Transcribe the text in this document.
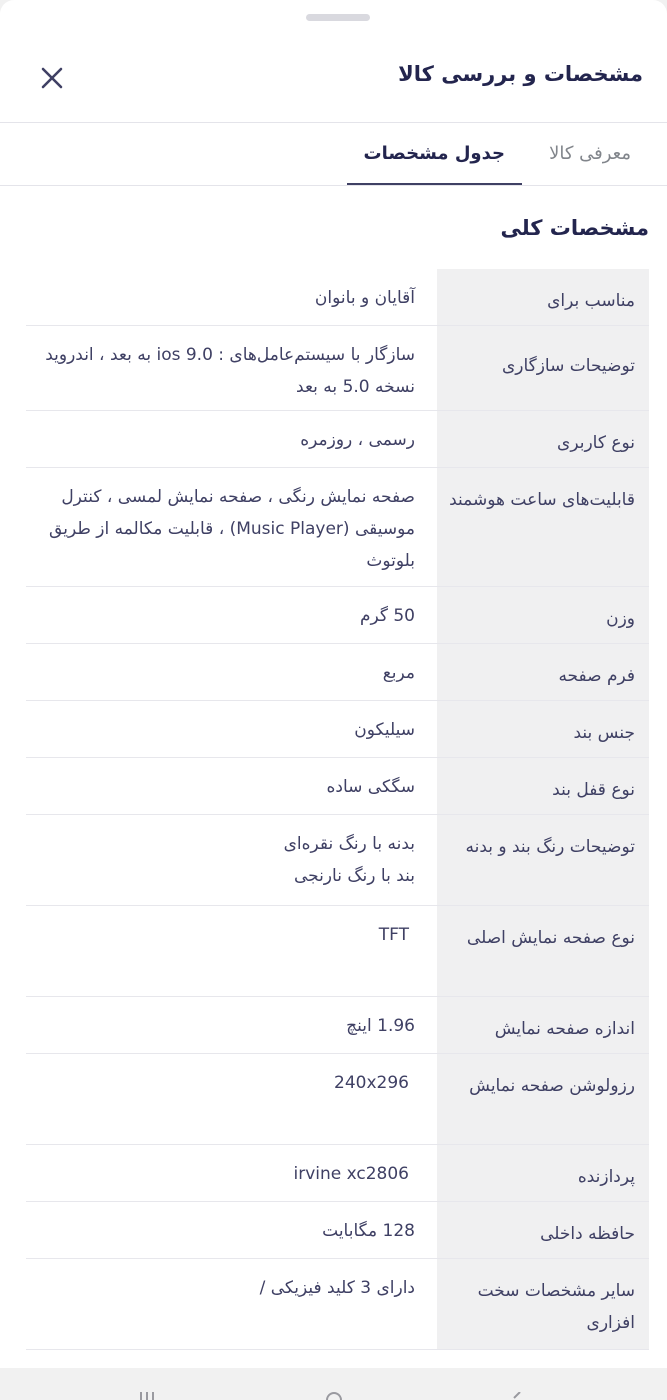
مشخصات و بررسی کالا
معرفی کالا
جدول مشخصات
مشخصات کلی
مناسب برای
آقایان و بانوان
توضیحات سازگاری
سازگار با سیستم‌عامل‌های : ios 9.0 به بعد ، اندروید نسخه 5.0 به بعد
نوع کاربری
رسمی ، روزمره
قابلیت‌های ساعت هوشمند
صفحه نمایش رنگی ، صفحه نمایش لمسی ، کنترل موسیقی (Music Player) ، قابلیت مکالمه از طریق بلوتوث
وزن
50 گرم
فرم صفحه
مربع
جنس بند
سیلیکون
نوع قفل بند
سگکی ساده
توضیحات رنگ بند و بدنه
بدنه با رنگ نقره‌ای
بند با رنگ نارنجی
نوع صفحه نمایش اصلی
TFT
اندازه صفحه نمایش
1.96 اینچ
رزولوشن صفحه نمایش
240x296
پردازنده
irvine xc2806
حافظه داخلی
128 مگابایت
سایر مشخصات سخت افزاری
دارای 3 کلید فیزیکی /
